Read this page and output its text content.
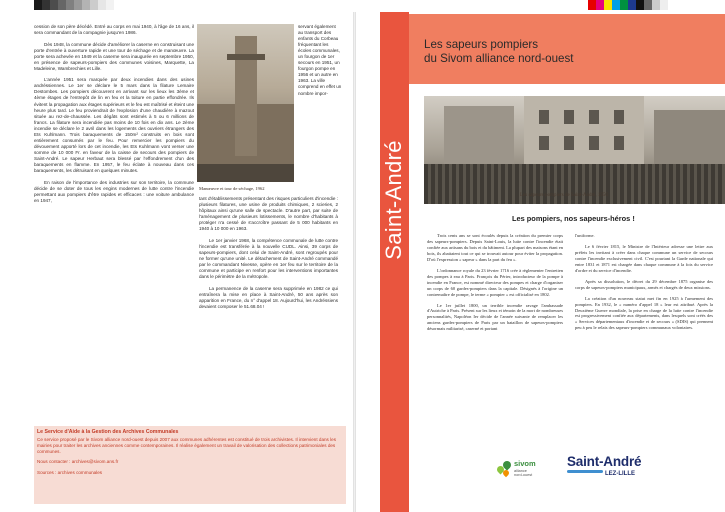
cession de son père décédé. Entré au corps en mai 1940, à l'âge de 16 ans, il sera commandant de la compagnie jusqu'en 1986.

Dès 1948, la commune décide d'améliorer la caserne en construisant une porte d'entrée à ouverture rapide et une tour de séchage et de manœuvre. La porte sera achevée en 1949 et la caserne sera inaugurée en septembre 1950, en présence de sapeurs-pompiers des communes voisines, Marquette, La Madeleine, Wambrechies et Lille.

L'année 1951 sera marquée par deux incendies dans des usines andréssiennes. Le 1er se déclare le 5 mars dans la filature Lemaire Destombes. Les pompiers découvrent en arrivant sur les lieux les 3ème et 4ème étages de l'entrepôt de lin en feu et la toiture en partie effondrée. Ils évitent la propagation aux étages supérieurs et le feu est maîtrisé et éteint une heure plus tard. Le feu proviendrait de l'explosion d'une chaudière à mazout située au rez-de-chaussée. Les dégâts sont estimés à 5 ou 6 millions de francs. La filature sera incendiée pas moins de 10 fois en dix ans. Le 2ème incendie se déclare le 2 avril dans les logements des ouvriers étrangers des Ets Kuhlmann. Trois baraquements de 150m² construits en bois sont entièrement consumés par le feu. Pour remercier les pompiers du dévouement apporté lors de cet incendie, les Ets Kuhlmann vont verser une somme de 10 000 Fr. en faveur de la caisse de secours des pompiers de Saint-André. Le sapeur Herbaut sera blessé par l'effondrement d'un des baraquements en flamme. En 1957, le feu éclate à nouveau dans ces baraquements, les détruisant en quelques minutes.

En raison de l'importance des industries sur son territoire, la commune décide de se doter de tous les engins modernes de lutte contre l'incendie permettant aux pompiers d'être rapides et efficaces : une voiture ambulance en 1947,

Manœuvre et tour de séchage, 1962

servant également au transport des enfants du Corbeau fréquentant les écoles communales, un fourgon de 1er secours en 1951, un fourgon pompe en 1956 et un autre en 1963. La ville comprend en effet un nombre impor-

tant d'établissements présentant des risques particuliers d'incendie : plusieurs filatures, une usine de produits chimiques, 2 scieries, 2 hôpitaux ainsi qu'une salle de spectacle. D'autre part, par suite de l'aménagement de plusieurs lotissements, le nombre d'habitants à protéger n'a cessé de s'accroître passant de 5 000 habitants en 1940 à 10 000 en 1963.

Le 1er janvier 1968, la compétence communale de lutte contre l'incendie est transférée à la nouvelle CUDL. Ainsi, 39 corps de sapeurs-pompiers, dont celui de Saint-André, sont regroupés pour ne former qu'une unité. Le détachement de Saint-André commandé par le commandant Nivesse, opère en 1er feu sur le territoire de la commune et participe en renfort pour les interventions importantes dans le périmètre de la métropole.

La permanence de la caserne sera supprimée en 1982 ce qui entraînera la mise en place à Saint-André, 50 ans après son apparition en France, du n° d'appel 18. Aujourd'hui, les Andréssiens devaient composer le 51.68.04 !

Le Service d'Aide à la Gestion des Archives Communales
Ce service proposé par le Sivom alliance nord-ouest depuis 2007 aux communes adhérentes est constitué de trois archivistes. Il intervient dans les mairies pour traiter les archives anciennes comme contemporaines. Il réalise également un travail de valorisation des collections patrimoniales des communes.
Nous contacter : archives@sivom.ans.fr
Sources : archives communales
Saint-André
Les sapeurs pompiers
du Sivom alliance nord-ouest
Les sapeurs-pompiers de Saint-André, 1950
Les pompiers, nos sapeurs-héros !

Trois cents ans se sont écoulés depuis la création du premier corps des sapeurs-pompiers. Depuis Saint-Louis, la lutte contre l'incendie était confiée aux artisans du bois et du bâtiment. La plupart des maisons étant en bois, ils abattaient tout ce qui se trouvait autour pour éviter la propagation. D'où l'expression « sapeur » dans la part du feu ».

L'ordonnance royale du 23 février 1716 crée à règlementer l'entretien des pompes à eau à Paris. François du Périer, introducteur de la pompe à incendie en France, est nommé directeur des pompes et charge d'organiser un corps de 60 gardes-pompiers dans la capitale. Désignés à l'origine un contremaître de pompe, le terme « pompier » est officialisé en 1802.

Le 1er juillet 1800, un terrible incendie ravage l'ambassade d'Autriche à Paris. Présent sur les lieux et témoin de la mort de nombreuses personnalités, Napoléon Ier décide de l'année suivante de remplacer les anciens gardes-pompiers de Paris par un bataillon de sapeurs-pompiers désormais militarisé, caserné et portant

l'uniforme.

Le 6 février 1815, le Ministre de l'Intérieur adresse une lettre aux préfets les invitant à créer dans chaque commune un service de secours contre l'incendie exclusivement civil. C'est pourtant la Garde nationale qui entre 1831 et 1871 est chargée dans chaque commune à la fois du service d'ordre et du service d'incendie.

Après sa dissolution, le décret du 29 décembre 1875 organise des corps de sapeurs-pompiers municipaux, armés et chargés de deux missions.

La création d'un nouveau statut met fin en 1925 à l'armement des pompiers. En 1932, le « numéro d'appel 18 » leur est attribué. Après la Deuxième Guerre mondiale, la prise en charge de la lutte contre l'incendie est progressivement confiée aux départements, dans lesquels sont créés des « Services départementaux d'incendie et de secours » (SDIS) qui prennent peu à peu le relais des sapeurs-pompiers communaux volontaires.

sivom
alliance
nord-ouest
Saint-André
LEZ-LILLE
